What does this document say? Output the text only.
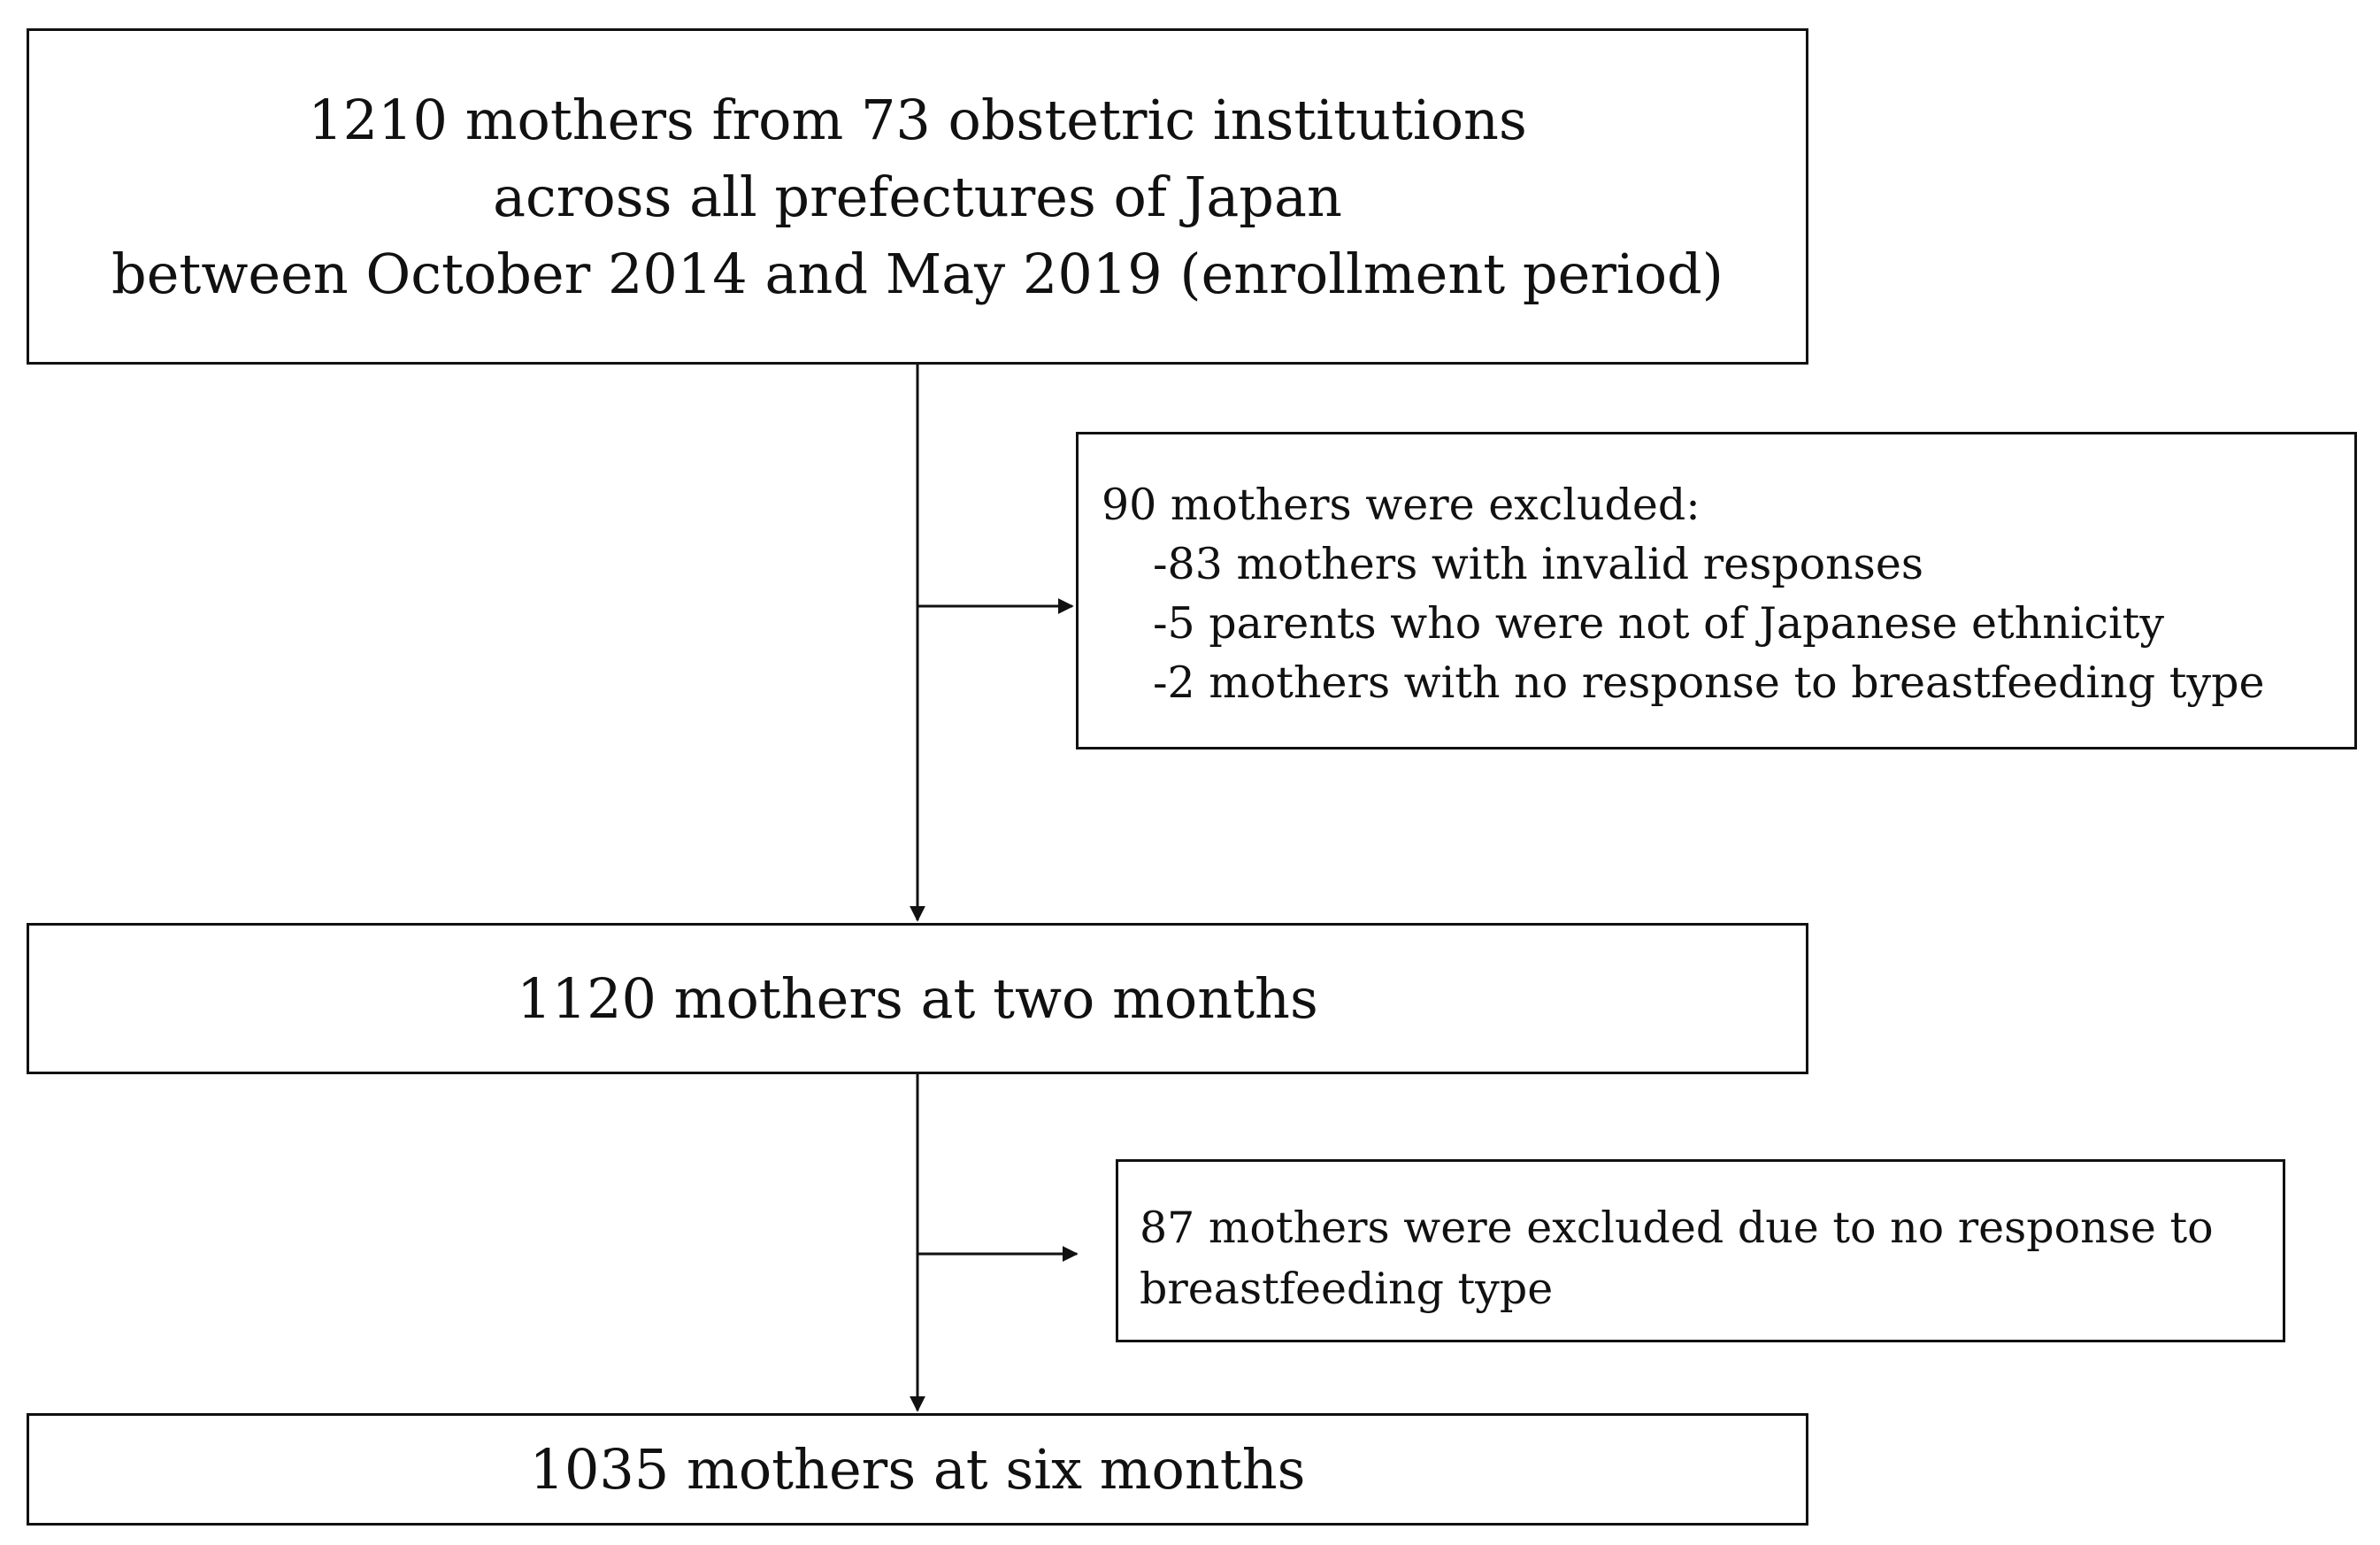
1210 mothers from 73 obstetric institutions
across all prefectures of Japan
between October 2014 and May 2019 (enrollment period)
90 mothers were excluded:
-83 mothers with invalid responses
-5 parents who were not of Japanese ethnicity
-2 mothers with no response to breastfeeding type
1120 mothers at two months
87 mothers were excluded due to no response to
breastfeeding type
1035 mothers at six months
